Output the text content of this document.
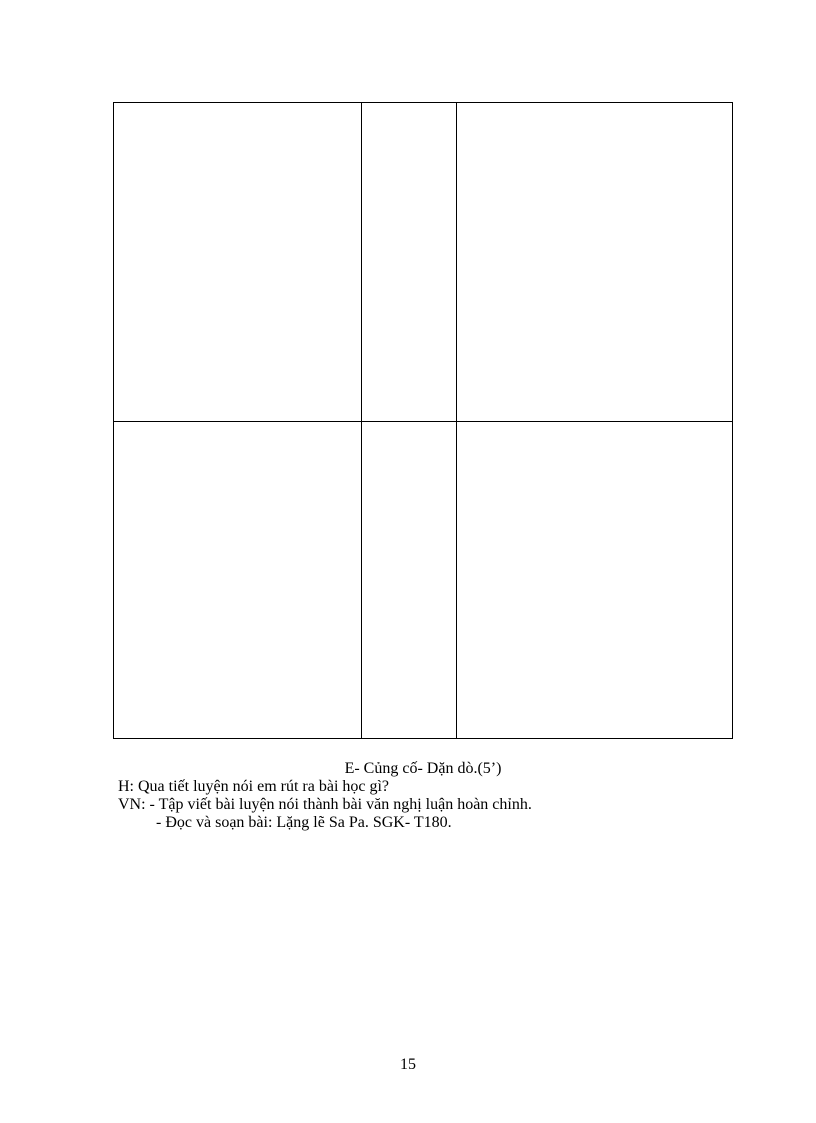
E- Củng cố- Dặn dò.(5’)
H: Qua tiết luyện nói em rút ra bài học gì?
VN: - Tập viết bài luyện nói thành bài văn nghị luận hoàn chỉnh.
- Đọc và soạn bài: Lặng lẽ Sa Pa. SGK- T180.
15
